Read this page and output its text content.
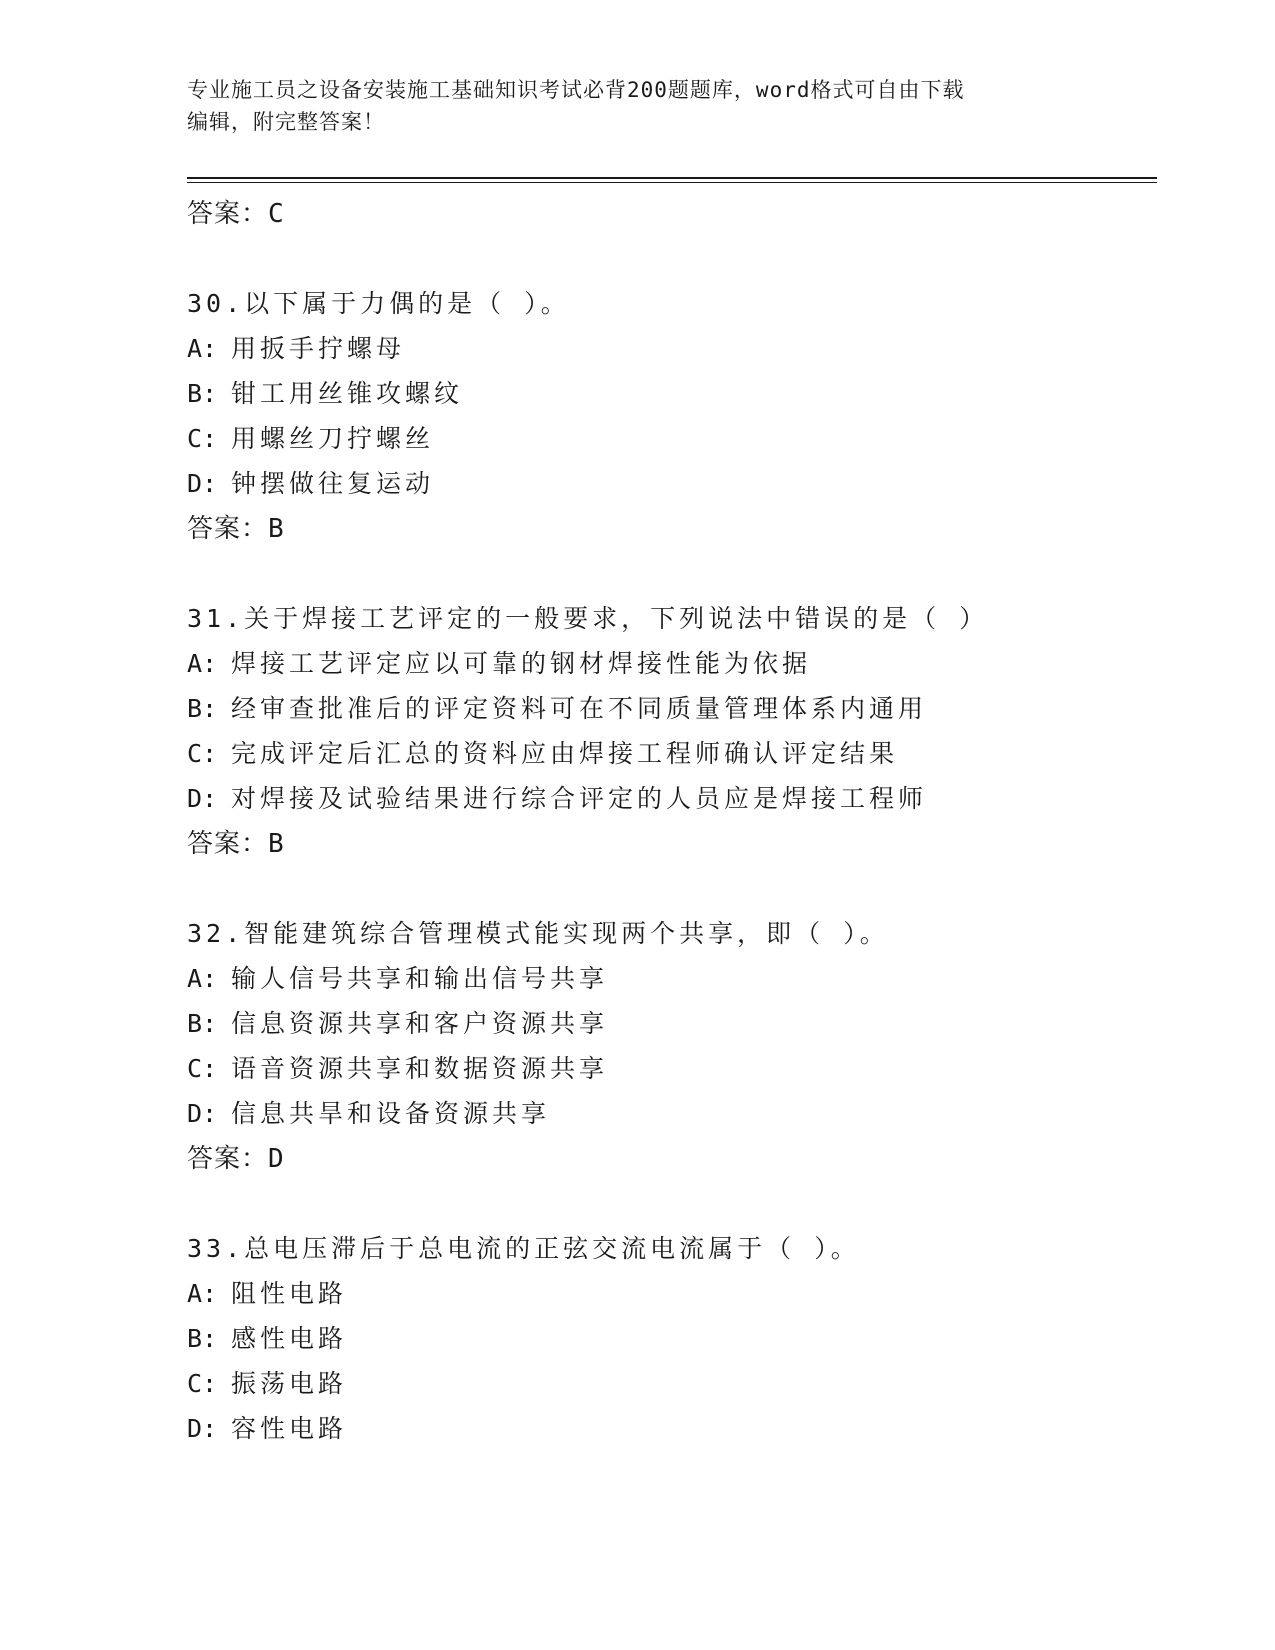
专业施工员之设备安装施工基础知识考试必背200题题库，word格式可自由下载
编辑，附完整答案！
答案：C
30.以下属于力偶的是（ ）。
A: 用扳手拧螺母
B: 钳工用丝锥攻螺纹
C: 用螺丝刀拧螺丝
D: 钟摆做往复运动
答案：B
31.关于焊接工艺评定的一般要求，下列说法中错误的是（ ）
A: 焊接工艺评定应以可靠的钢材焊接性能为依据
B: 经审查批准后的评定资料可在不同质量管理体系内通用
C: 完成评定后汇总的资料应由焊接工程师确认评定结果
D: 对焊接及试验结果进行综合评定的人员应是焊接工程师
答案：B
32.智能建筑综合管理模式能实现两个共享，即（ ）。
A: 输人信号共享和输出信号共享
B: 信息资源共享和客户资源共享
C: 语音资源共享和数据资源共享
D: 信息共旱和设备资源共享
答案：D
33.总电压滞后于总电流的正弦交流电流属于（ ）。
A: 阻性电路
B: 感性电路
C: 振荡电路
D: 容性电路
